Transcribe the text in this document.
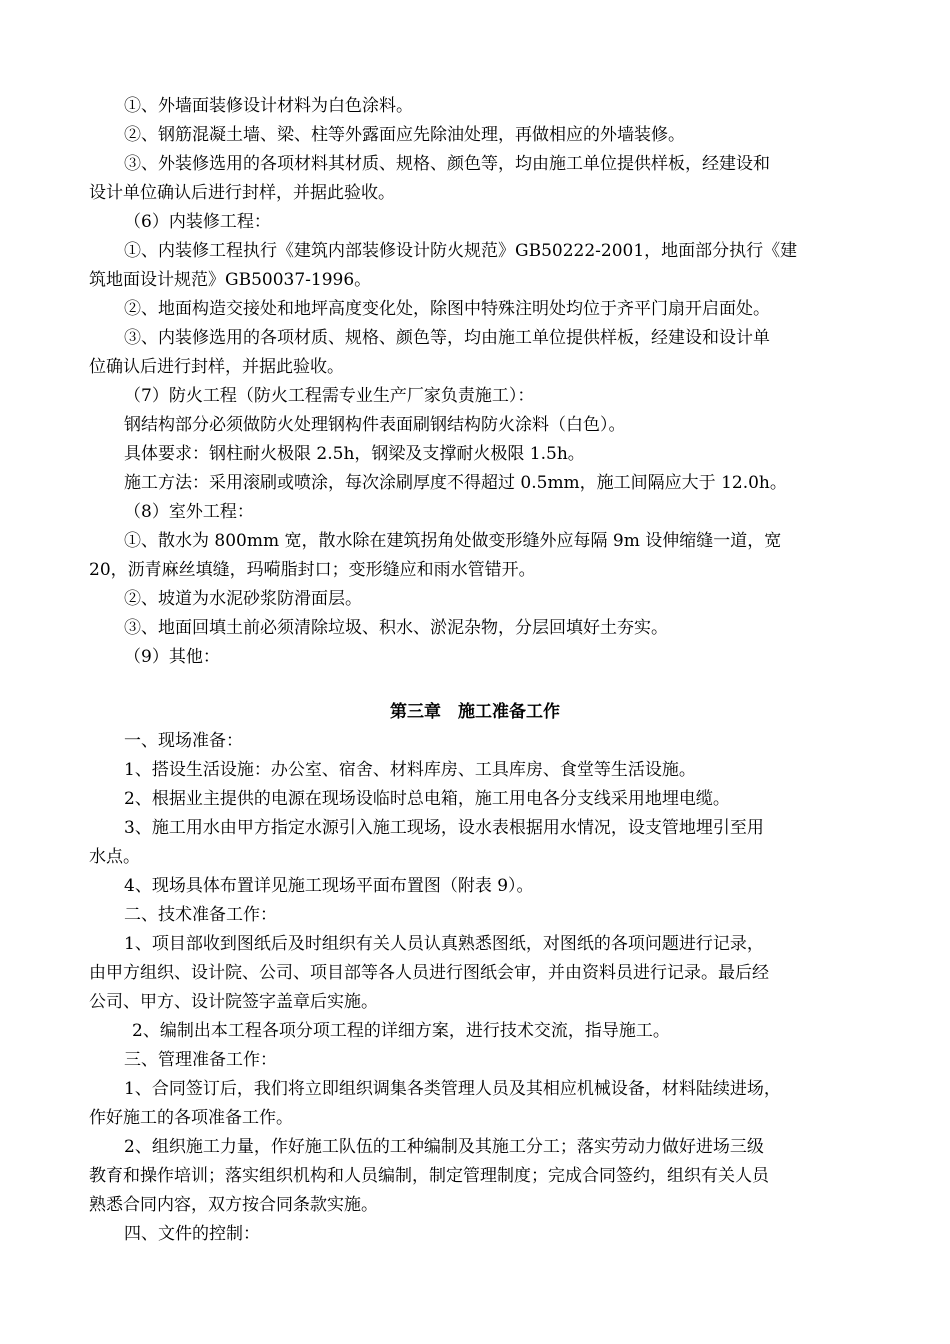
①、外墙面装修设计材料为白色涂料。
②、钢筋混凝土墙、梁、柱等外露面应先除油处理，再做相应的外墙装修。
③、外装修选用的各项材料其材质、规格、颜色等，均由施工单位提供样板，经建设和
设计单位确认后进行封样，并据此验收。
（6）内装修工程：
①、内装修工程执行《建筑内部装修设计防火规范》GB50222-2001，地面部分执行《建
筑地面设计规范》GB50037-1996。
②、地面构造交接处和地坪高度变化处，除图中特殊注明处均位于齐平门扇开启面处。
③、内装修选用的各项材质、规格、颜色等，均由施工单位提供样板，经建设和设计单
位确认后进行封样，并据此验收。
（7）防火工程（防火工程需专业生产厂家负责施工）：
钢结构部分必须做防火处理钢构件表面刷钢结构防火涂料（白色）。
具体要求：钢柱耐火极限 2.5h，钢梁及支撑耐火极限 1.5h。
施工方法：采用滚刷或喷涂，每次涂刷厚度不得超过 0.5mm，施工间隔应大于 12.0h。
（8）室外工程：
①、散水为 800mm 宽，散水除在建筑拐角处做变形缝外应每隔 9m 设伸缩缝一道，宽
20，沥青麻丝填缝，玛嗬脂封口；变形缝应和雨水管错开。
②、坡道为水泥砂浆防滑面层。
③、地面回填土前必须清除垃圾、积水、淤泥杂物，分层回填好土夯实。
（9）其他：
第三章　施工准备工作
一、现场准备：
1、搭设生活设施：办公室、宿舍、材料库房、工具库房、食堂等生活设施。
2、根据业主提供的电源在现场设临时总电箱，施工用电各分支线采用地埋电缆。
3、施工用水由甲方指定水源引入施工现场，设水表根据用水情况，设支管地埋引至用
水点。
4、现场具体布置详见施工现场平面布置图（附表 9）。
二、技术准备工作：
1、项目部收到图纸后及时组织有关人员认真熟悉图纸，对图纸的各项问题进行记录，
由甲方组织、设计院、公司、项目部等各人员进行图纸会审，并由资料员进行记录。最后经
公司、甲方、设计院签字盖章后实施。
2、编制出本工程各项分项工程的详细方案，进行技术交流，指导施工。
三、管理准备工作：
1、合同签订后，我们将立即组织调集各类管理人员及其相应机械设备，材料陆续进场，
作好施工的各项准备工作。
2、组织施工力量，作好施工队伍的工种编制及其施工分工；落实劳动力做好进场三级
教育和操作培训；落实组织机构和人员编制，制定管理制度；完成合同签约，组织有关人员
熟悉合同内容，双方按合同条款实施。
四、文件的控制：
